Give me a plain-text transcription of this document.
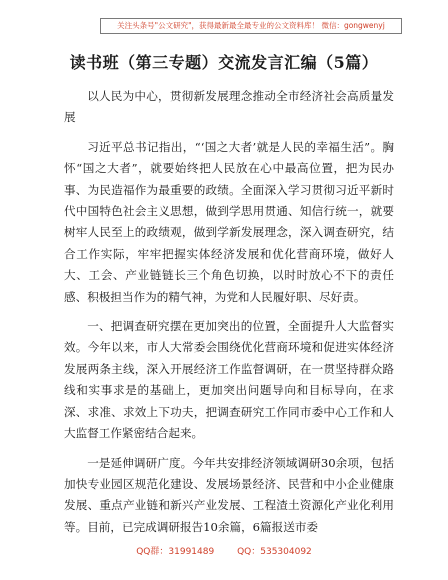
关注头条号"公文研究"，获得最新最全最专业的公文资料库！ 微信：gongwenyj
读书班（第三专题）交流发言汇编（5篇）

以人民为中心，贯彻新发展理念推动全市经济社会高质量发展

习近平总书记指出，“‘国之大者’就是人民的幸福生活”。胸怀“国之大者”，就要始终把人民放在心中最高位置，把为民办事、为民造福作为最重要的政绩。全面深入学习贯彻习近平新时代中国特色社会主义思想，做到学思用贯通、知信行统一，就要树牢人民至上的政绩观，做到学新发展理念，深入调查研究，结合工作实际，牢牢把握实体经济发展和优化营商环境，做好人大、工会、产业链链长三个角色切换，以时时放心不下的责任感、积极担当作为的精气神，为党和人民履好职、尽好责。

一、把调查研究摆在更加突出的位置，全面提升人大监督实效。今年以来，市人大常委会围绕优化营商环境和促进实体经济发展两条主线，深入开展经济工作监督调研，在一贯坚持群众路线和实事求是的基础上，更加突出问题导向和目标导向，在求深、求准、求效上下功夫，把调查研究工作同市委中心工作和人大监督工作紧密结合起来。

一是延伸调研广度。今年共安排经济领域调研30余项，包括加快专业园区规范化建设、发展场景经济、民营和中小企业健康发展、重点产业链和新兴产业发展、工程渣土资源化产业化利用等。目前，已完成调研报告10余篇，6篇报送市委

QQ群：31991489	QQ：535304092
